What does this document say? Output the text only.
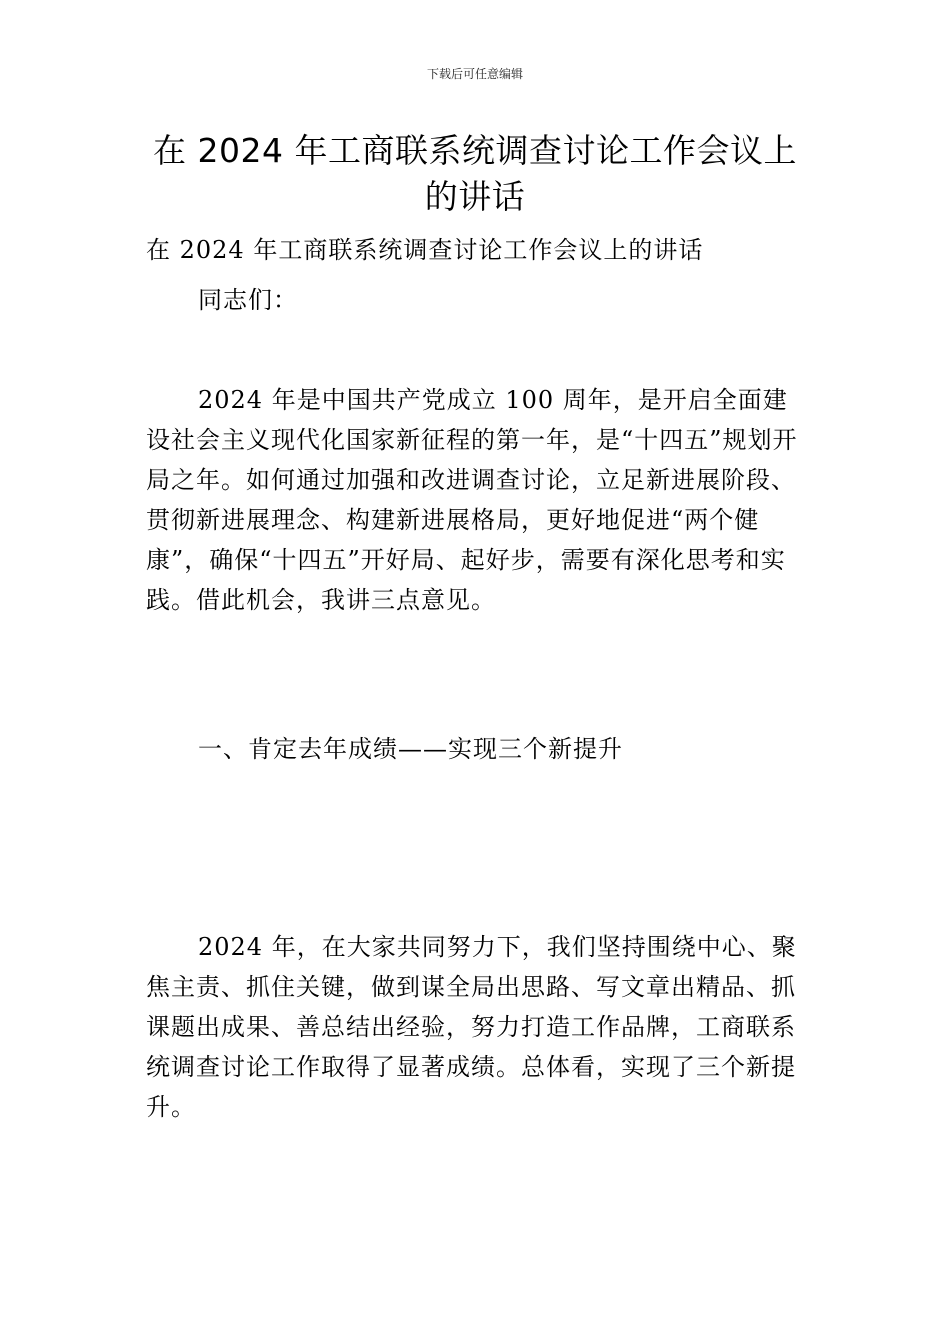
下载后可任意编辑
在 2024 年工商联系统调查讨论工作会议上的讲话

在 2024 年工商联系统调查讨论工作会议上的讲话

同志们：

2024 年是中国共产党成立 100 周年，是开启全面建设社会主义现代化国家新征程的第一年，是“十四五”规划开局之年。如何通过加强和改进调查讨论，立足新进展阶段、贯彻新进展理念、构建新进展格局，更好地促进“两个健康”，确保“十四五”开好局、起好步，需要有深化思考和实践。借此机会，我讲三点意见。

一、肯定去年成绩——实现三个新提升

2024 年，在大家共同努力下，我们坚持围绕中心、聚焦主责、抓住关键，做到谋全局出思路、写文章出精品、抓课题出成果、善总结出经验，努力打造工作品牌，工商联系统调查讨论工作取得了显著成绩。总体看，实现了三个新提升。
